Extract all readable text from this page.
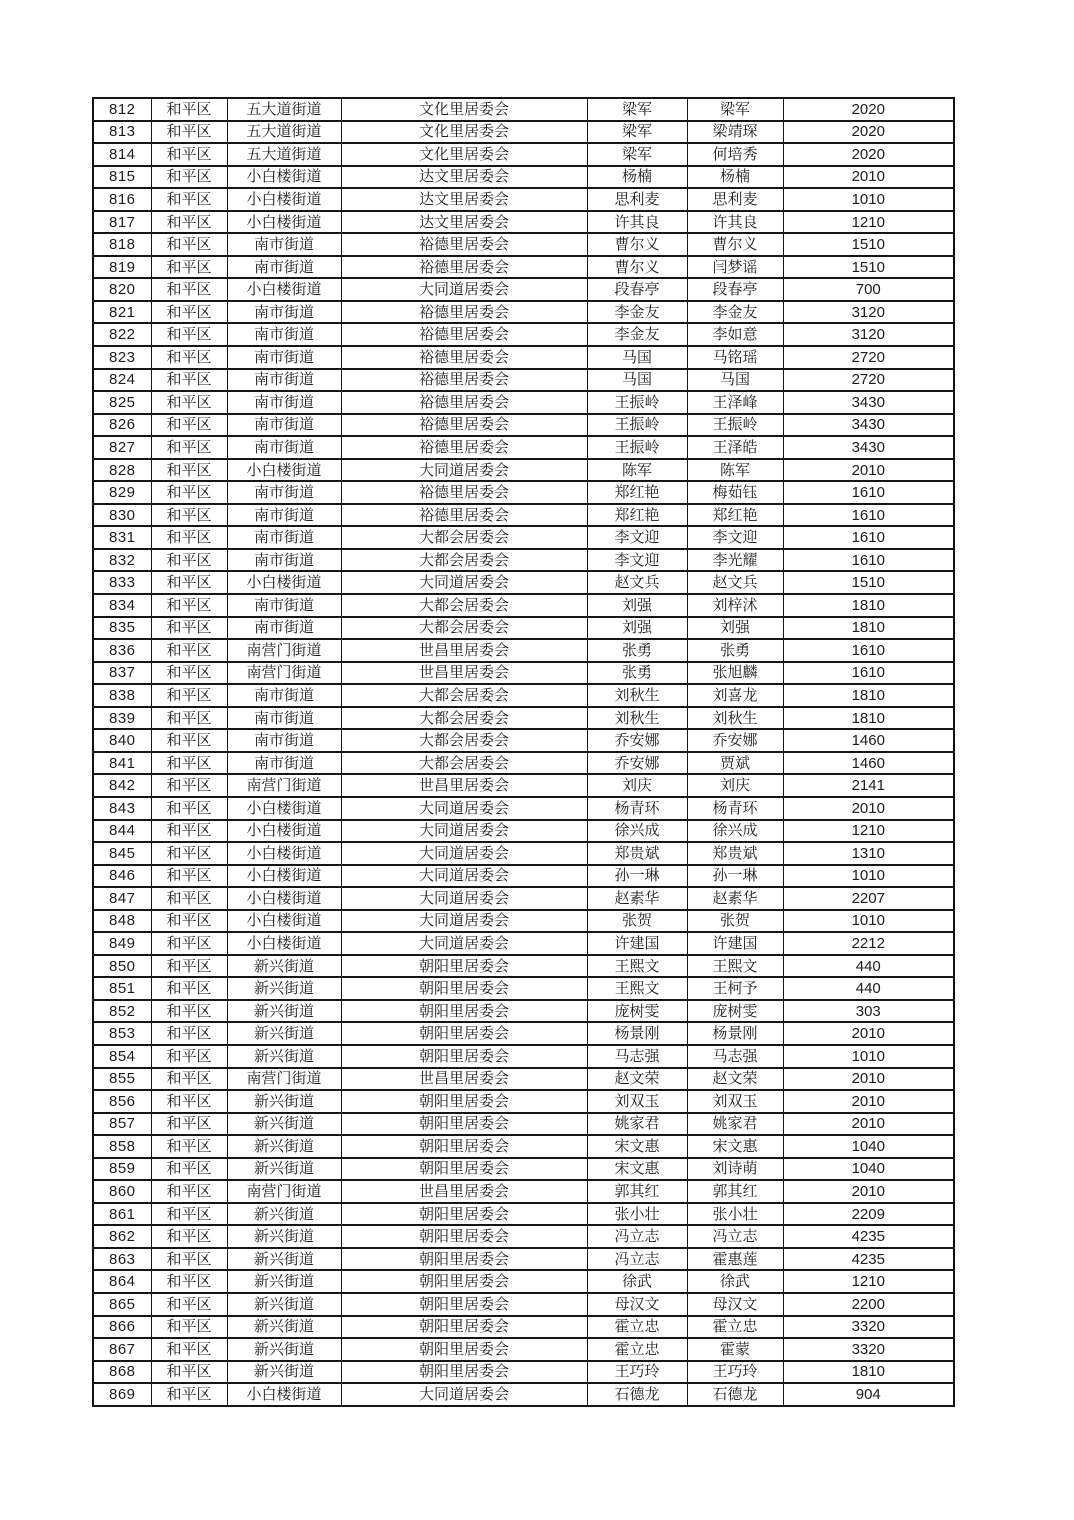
812	和平区	五大道街道	文化里居委会	梁军	梁军	2020
813	和平区	五大道街道	文化里居委会	梁军	梁靖琛	2020
814	和平区	五大道街道	文化里居委会	梁军	何培秀	2020
815	和平区	小白楼街道	达文里居委会	杨楠	杨楠	2010
816	和平区	小白楼街道	达文里居委会	思利麦	思利麦	1010
817	和平区	小白楼街道	达文里居委会	许其良	许其良	1210
818	和平区	南市街道	裕德里居委会	曹尔义	曹尔义	1510
819	和平区	南市街道	裕德里居委会	曹尔义	闫梦谣	1510
820	和平区	小白楼街道	大同道居委会	段春亭	段春亭	700
821	和平区	南市街道	裕德里居委会	李金友	李金友	3120
822	和平区	南市街道	裕德里居委会	李金友	李如意	3120
823	和平区	南市街道	裕德里居委会	马国	马铭瑶	2720
824	和平区	南市街道	裕德里居委会	马国	马国	2720
825	和平区	南市街道	裕德里居委会	王振岭	王泽峰	3430
826	和平区	南市街道	裕德里居委会	王振岭	王振岭	3430
827	和平区	南市街道	裕德里居委会	王振岭	王泽皓	3430
828	和平区	小白楼街道	大同道居委会	陈军	陈军	2010
829	和平区	南市街道	裕德里居委会	郑红艳	梅茹钰	1610
830	和平区	南市街道	裕德里居委会	郑红艳	郑红艳	1610
831	和平区	南市街道	大都会居委会	李文迎	李文迎	1610
832	和平区	南市街道	大都会居委会	李文迎	李光耀	1610
833	和平区	小白楼街道	大同道居委会	赵文兵	赵文兵	1510
834	和平区	南市街道	大都会居委会	刘强	刘梓沭	1810
835	和平区	南市街道	大都会居委会	刘强	刘强	1810
836	和平区	南营门街道	世昌里居委会	张勇	张勇	1610
837	和平区	南营门街道	世昌里居委会	张勇	张旭麟	1610
838	和平区	南市街道	大都会居委会	刘秋生	刘喜龙	1810
839	和平区	南市街道	大都会居委会	刘秋生	刘秋生	1810
840	和平区	南市街道	大都会居委会	乔安娜	乔安娜	1460
841	和平区	南市街道	大都会居委会	乔安娜	贾斌	1460
842	和平区	南营门街道	世昌里居委会	刘庆	刘庆	2141
843	和平区	小白楼街道	大同道居委会	杨青环	杨青环	2010
844	和平区	小白楼街道	大同道居委会	徐兴成	徐兴成	1210
845	和平区	小白楼街道	大同道居委会	郑贵斌	郑贵斌	1310
846	和平区	小白楼街道	大同道居委会	孙一琳	孙一琳	1010
847	和平区	小白楼街道	大同道居委会	赵素华	赵素华	2207
848	和平区	小白楼街道	大同道居委会	张贺	张贺	1010
849	和平区	小白楼街道	大同道居委会	许建国	许建国	2212
850	和平区	新兴街道	朝阳里居委会	王熙文	王熙文	440
851	和平区	新兴街道	朝阳里居委会	王熙文	王柯予	440
852	和平区	新兴街道	朝阳里居委会	庞树雯	庞树雯	303
853	和平区	新兴街道	朝阳里居委会	杨景刚	杨景刚	2010
854	和平区	新兴街道	朝阳里居委会	马志强	马志强	1010
855	和平区	南营门街道	世昌里居委会	赵文荣	赵文荣	2010
856	和平区	新兴街道	朝阳里居委会	刘双玉	刘双玉	2010
857	和平区	新兴街道	朝阳里居委会	姚家君	姚家君	2010
858	和平区	新兴街道	朝阳里居委会	宋文惠	宋文惠	1040
859	和平区	新兴街道	朝阳里居委会	宋文惠	刘诗萌	1040
860	和平区	南营门街道	世昌里居委会	郭其红	郭其红	2010
861	和平区	新兴街道	朝阳里居委会	张小壮	张小壮	2209
862	和平区	新兴街道	朝阳里居委会	冯立志	冯立志	4235
863	和平区	新兴街道	朝阳里居委会	冯立志	霍惠莲	4235
864	和平区	新兴街道	朝阳里居委会	徐武	徐武	1210
865	和平区	新兴街道	朝阳里居委会	母汉文	母汉文	2200
866	和平区	新兴街道	朝阳里居委会	霍立忠	霍立忠	3320
867	和平区	新兴街道	朝阳里居委会	霍立忠	霍蒙	3320
868	和平区	新兴街道	朝阳里居委会	王巧玲	王巧玲	1810
869	和平区	小白楼街道	大同道居委会	石德龙	石德龙	904
